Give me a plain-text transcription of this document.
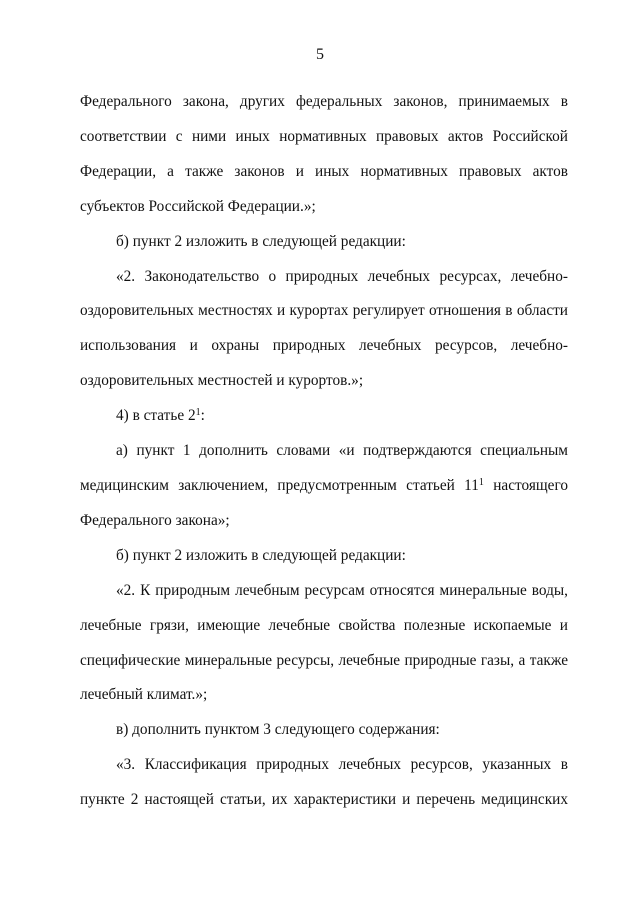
5

Федерального закона, других федеральных законов, принимаемых в соответствии с ними иных нормативных правовых актов Российской Федерации, а также законов и иных нормативных правовых актов субъектов Российской Федерации.»;

б) пункт 2 изложить в следующей редакции:

«2. Законодательство о природных лечебных ресурсах, лечебно-оздоровительных местностях и курортах регулирует отношения в области использования и охраны природных лечебных ресурсов, лечебно-оздоровительных местностей и курортов.»;

4) в статье $2^1$:

а) пункт 1 дополнить словами «и подтверждаются специальным медицинским заключением, предусмотренным статьей $11^1$ настоящего Федерального закона»;

б) пункт 2 изложить в следующей редакции:

«2. К природным лечебным ресурсам относятся минеральные воды, лечебные грязи, имеющие лечебные свойства полезные ископаемые и специфические минеральные ресурсы, лечебные природные газы, а также лечебный климат.»;

в) дополнить пунктом 3 следующего содержания:

«3. Классификация природных лечебных ресурсов, указанных в пункте 2 настоящей статьи, их характеристики и перечень медицинских
